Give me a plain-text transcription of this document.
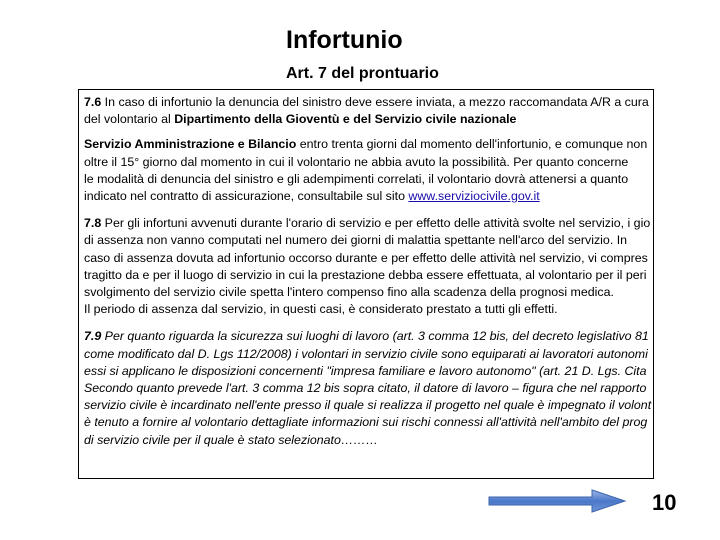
Infortunio
Art. 7 del prontuario

7.6 In caso di infortunio la denuncia del sinistro deve essere inviata, a mezzo raccomandata A/R a cura
del volontario al Dipartimento della Gioventù e del Servizio civile nazionale

Servizio Amministrazione e Bilancio entro trenta giorni dal momento dell'infortunio, e comunque non
oltre il 15° giorno dal momento in cui il volontario ne abbia avuto la possibilità. Per quanto concerne
le modalità di denuncia del sinistro e gli adempimenti correlati, il volontario dovrà attenersi a quanto
indicato nel contratto di assicurazione, consultabile sul sito www.serviziocivile.gov.it

7.8 Per gli infortuni avvenuti durante l'orario di servizio e per effetto delle attività svolte nel servizio, i gio
di assenza non vanno computati nel numero dei giorni di malattia spettante nell'arco del servizio. In
caso di assenza dovuta ad infortunio occorso durante e per effetto delle attività nel servizio, vi compres
tragitto da e per il luogo di servizio in cui la prestazione debba essere effettuata, al volontario per il peri
svolgimento del servizio civile spetta l'intero compenso fino alla scadenza della prognosi medica.
Il periodo di assenza dal servizio, in questi casi, è considerato prestato a tutti gli effetti.

7.9 Per quanto riguarda la sicurezza sui luoghi di lavoro (art. 3 comma 12 bis, del decreto legislativo 81
come modificato dal D. Lgs 112/2008) i volontari in servizio civile sono equiparati ai lavoratori autonomi
essi si applicano le disposizioni concernenti "impresa familiare e lavoro autonomo" (art. 21 D. Lgs. Cita
Secondo quanto prevede l'art. 3 comma 12 bis sopra citato, il datore di lavoro – figura che nel rapporto
servizio civile è incardinato nell'ente presso il quale si realizza il progetto nel quale è impegnato il volont
è tenuto a fornire al volontario dettagliate informazioni sui rischi connessi all'attività nell'ambito del prog
di servizio civile per il quale è stato selezionato………

10
